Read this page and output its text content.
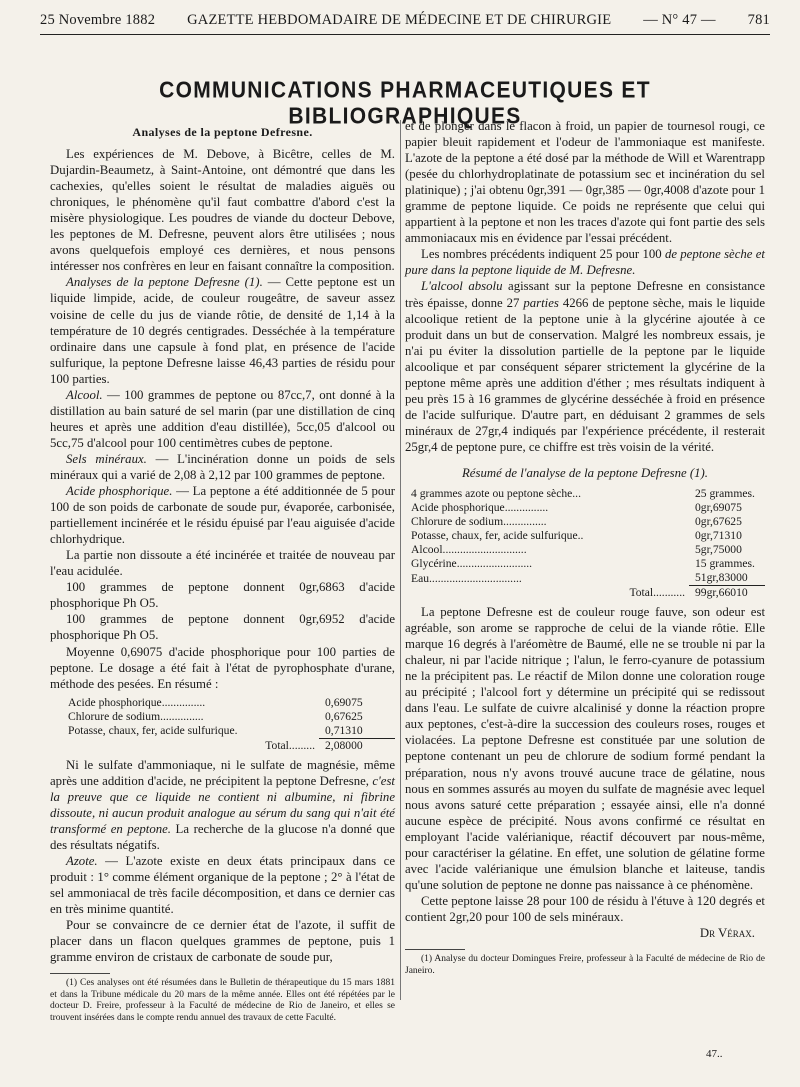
25 Novembre 1882 GAZETTE HEBDOMADAIRE DE MÉDECINE ET DE CHIRURGIE — N° 47 — 781
COMMUNICATIONS PHARMACEUTIQUES ET BIBLIOGRAPHIQUES
Analyses de la peptone Defresne.

Les expériences de M. Debove, à Bicêtre, celles de M. Dujardin-Beaumetz, à Saint-Antoine, ont démontré que dans les cachexies, qu'elles soient le résultat de maladies aiguës ou chroniques, le phénomène qu'il faut combattre d'abord c'est la misère physiologique. Les poudres de viande du docteur Debove, les peptones de M. Defresne, peuvent alors être utilisées ; nous avons quelquefois employé ces dernières, et nous pensons intéresser nos confrères en leur en faisant connaître la composition.

Analyses de la peptone Defresne (1). — Cette peptone est un liquide limpide, acide, de couleur rougeâtre, de saveur assez voisine de celle du jus de viande rôtie, de densité de 1,14 à la température de 10 degrés centigrades. Desséchée à la température ordinaire dans une capsule à fond plat, en présence de l'acide sulfurique, la peptone Defresne laisse 46,43 parties de résidu pour 100 parties.

Alcool. — 100 grammes de peptone ou 87cc,7, ont donné à la distillation au bain saturé de sel marin (par une distillation de cinq heures et après une addition d'eau distillée), 5cc,05 d'alcool ou 5cc,75 d'alcool pour 100 centimètres cubes de peptone.

Sels minéraux. — L'incinération donne un poids de sels minéraux qui a varié de 2,08 à 2,12 par 100 grammes de peptone.

Acide phosphorique. — La peptone a été additionnée de 5 pour 100 de son poids de carbonate de soude pur, évaporée, carbonisée, partiellement incinérée et le résidu épuisé par l'eau aiguisée d'acide chlorhydrique.

La partie non dissoute a été incinérée et traitée de nouveau par l'eau acidulée.

100 grammes de peptone donnent 0gr,6863 d'acide phosphorique Ph O5.

100 grammes de peptone donnent 0gr,6952 d'acide phosphorique Ph O5.

Moyenne 0,69075 d'acide phosphorique pour 100 parties de peptone. Le dosage a été fait à l'état de pyrophosphate d'urane, méthode des pesées. En résumé :

Acide phosphorique...............	0,69075
Chlorure de sodium...............	0,67625
Potasse, chaux, fer, acide sulfurique.	0,71310
Total.........	2,08000

Ni le sulfate d'ammoniaque, ni le sulfate de magnésie, même après une addition d'acide, ne précipitent la peptone Defresne, c'est la preuve que ce liquide ne contient ni albumine, ni fibrine dissoute, ni aucun produit analogue au sérum du sang qui n'ait été transformé en peptone. La recherche de la glucose n'a donné que des résultats négatifs.

Azote. — L'azote existe en deux états principaux dans ce produit : 1° comme élément organique de la peptone ; 2° à l'état de sel ammoniacal de très facile décomposition, et dans ce dernier cas en très minime quantité.

Pour se convaincre de ce dernier état de l'azote, il suffit de placer dans un flacon quelques grammes de peptone, puis 1 gramme environ de cristaux de carbonate de soude pur,

(1) Ces analyses ont été résumées dans le Bulletin de thérapeutique du 15 mars 1881 et dans la Tribune médicale du 20 mars de la même année. Elles ont été répétées par le docteur D. Freire, professeur à la Faculté de médecine de Rio de Janeiro, et elles se trouvent insérées dans le compte rendu annuel des travaux de cette Faculté.

et de plonger dans le flacon à froid, un papier de tournesol rougi, ce papier bleuit rapidement et l'odeur de l'ammoniaque est manifeste. L'azote de la peptone a été dosé par la méthode de Will et Warentrapp (pesée du chlorhydroplatinate de potassium sec et incinération du sel platinique) ; j'ai obtenu 0gr,391 — 0gr,385 — 0gr,4008 d'azote pour 1 gramme de peptone liquide. Ce poids ne représente que celui qui appartient à la peptone et non les traces d'azote qui font partie des sels ammoniacaux mis en évidence par l'essai précédent.

Les nombres précédents indiquent 25 pour 100 de peptone sèche et pure dans la peptone liquide de M. Defresne.

L'alcool absolu agissant sur la peptone Defresne en consistance très épaisse, donne 27 parties 4266 de peptone sèche, mais le liquide alcoolique retient de la peptone unie à la glycérine ajoutée à ce produit dans un but de conservation. Malgré les nombreux essais, je n'ai pu éviter la dissolution partielle de la peptone par le liquide alcoolique et par conséquent séparer strictement la glycérine de la peptone même après une addition d'éther ; mes résultats indiquent à peu près 15 à 16 grammes de glycérine desséchée à froid en présence de l'acide sulfurique. D'autre part, en déduisant 2 grammes de sels minéraux de 27gr,4 indiqués par l'expérience précédente, il resterait 25gr,4 de peptone pure, ce chiffre est très voisin de la vérité.

Résumé de l'analyse de la peptone Defresne (1).
4 grammes azote ou peptone sèche...	25 grammes.
Acide phosphorique...............	0gr,69075
Chlorure de sodium...............	0gr,67625
Potasse, chaux, fer, acide sulfurique..	0gr,71310
Alcool.............................	5gr,75000
Glycérine..........................	15 grammes.
Eau................................	51gr,83000
Total...........	99gr,66010

La peptone Defresne est de couleur rouge fauve, son odeur est agréable, son arome se rapproche de celui de la viande rôtie. Elle marque 16 degrés à l'aréomètre de Baumé, elle ne se trouble ni par la chaleur, ni par l'acide nitrique ; l'alun, le ferro-cyanure de potassium ne la précipitent pas. Le réactif de Milon donne une coloration rouge au précipité ; l'alcool fort y détermine un précipité qui se redissout dans l'eau. Le sulfate de cuivre alcalinisé y donne la réaction propre aux peptones, c'est-à-dire la succession des couleurs roses, rouges et violacées. La peptone Defresne est constituée par une solution de peptone contenant un peu de chlorure de sodium formé pendant la préparation, nous n'y avons trouvé aucune trace de gélatine, nous nous en sommes assurés au moyen du sulfate de magnésie avec lequel nous avons saturé cette préparation ; essayée ainsi, elle n'a donné aucune espèce de précipité. Nous avons confirmé ce résultat en employant l'acide valérianique, réactif découvert par nous-même, pour caractériser la gélatine. En effet, une solution de gélatine forme avec l'acide valérianique une émulsion blanche et laiteuse, tandis qu'une solution de peptone ne donne pas naissance à ce phénomène.

Cette peptone laisse 28 pour 100 de résidu à l'étuve à 120 degrés et contient 2gr,20 pour 100 de sels minéraux.

Dr Vérax.

(1) Analyse du docteur Domingues Freire, professeur à la Faculté de médecine de Rio de Janeiro.

47..
